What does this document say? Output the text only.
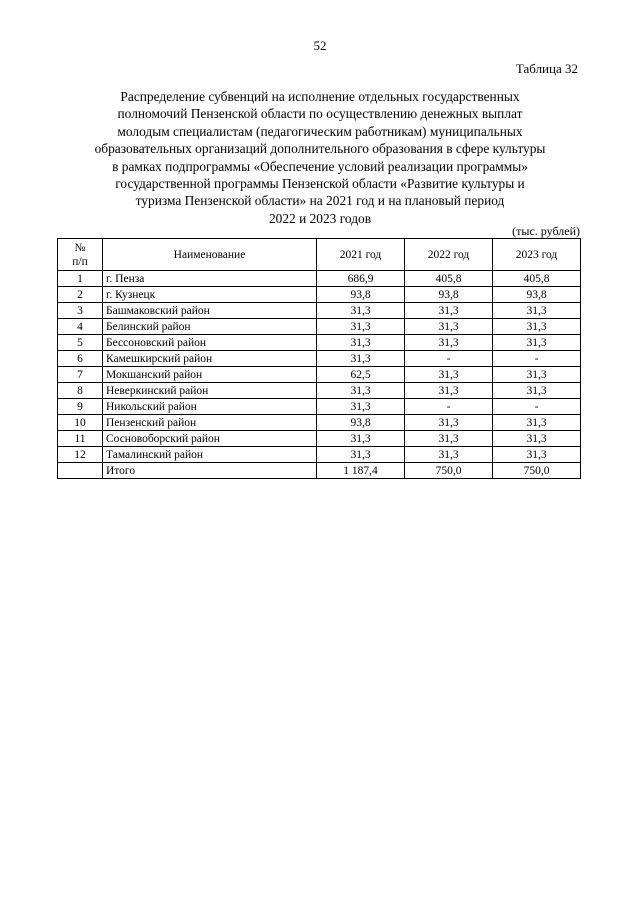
52
Таблица 32
Распределение субвенций на исполнение отдельных государственных
полномочий Пензенской области по осуществлению денежных выплат
молодым специалистам (педагогическим работникам) муниципальных
образовательных организаций дополнительного образования в сфере культуры
в рамках подпрограммы «Обеспечение условий реализации программы»
государственной программы Пензенской области «Развитие культуры и
туризма Пензенской области» на 2021 год и на плановый период
2022 и 2023 годов
(тыс. рублей)
№
п/п	Наименование	2021 год	2022 год	2023 год
1	г. Пенза	686,9	405,8	405,8
2	г. Кузнецк	93,8	93,8	93,8
3	Башмаковский район	31,3	31,3	31,3
4	Белинский район	31,3	31,3	31,3
5	Бессоновский район	31,3	31,3	31,3
6	Камешкирский район	31,3	-	-
7	Мокшанский район	62,5	31,3	31,3
8	Неверкинский район	31,3	31,3	31,3
9	Никольский район	31,3	-	-
10	Пензенский район	93,8	31,3	31,3
11	Сосновоборский район	31,3	31,3	31,3
12	Тамалинский район	31,3	31,3	31,3
	Итого	1 187,4	750,0	750,0
